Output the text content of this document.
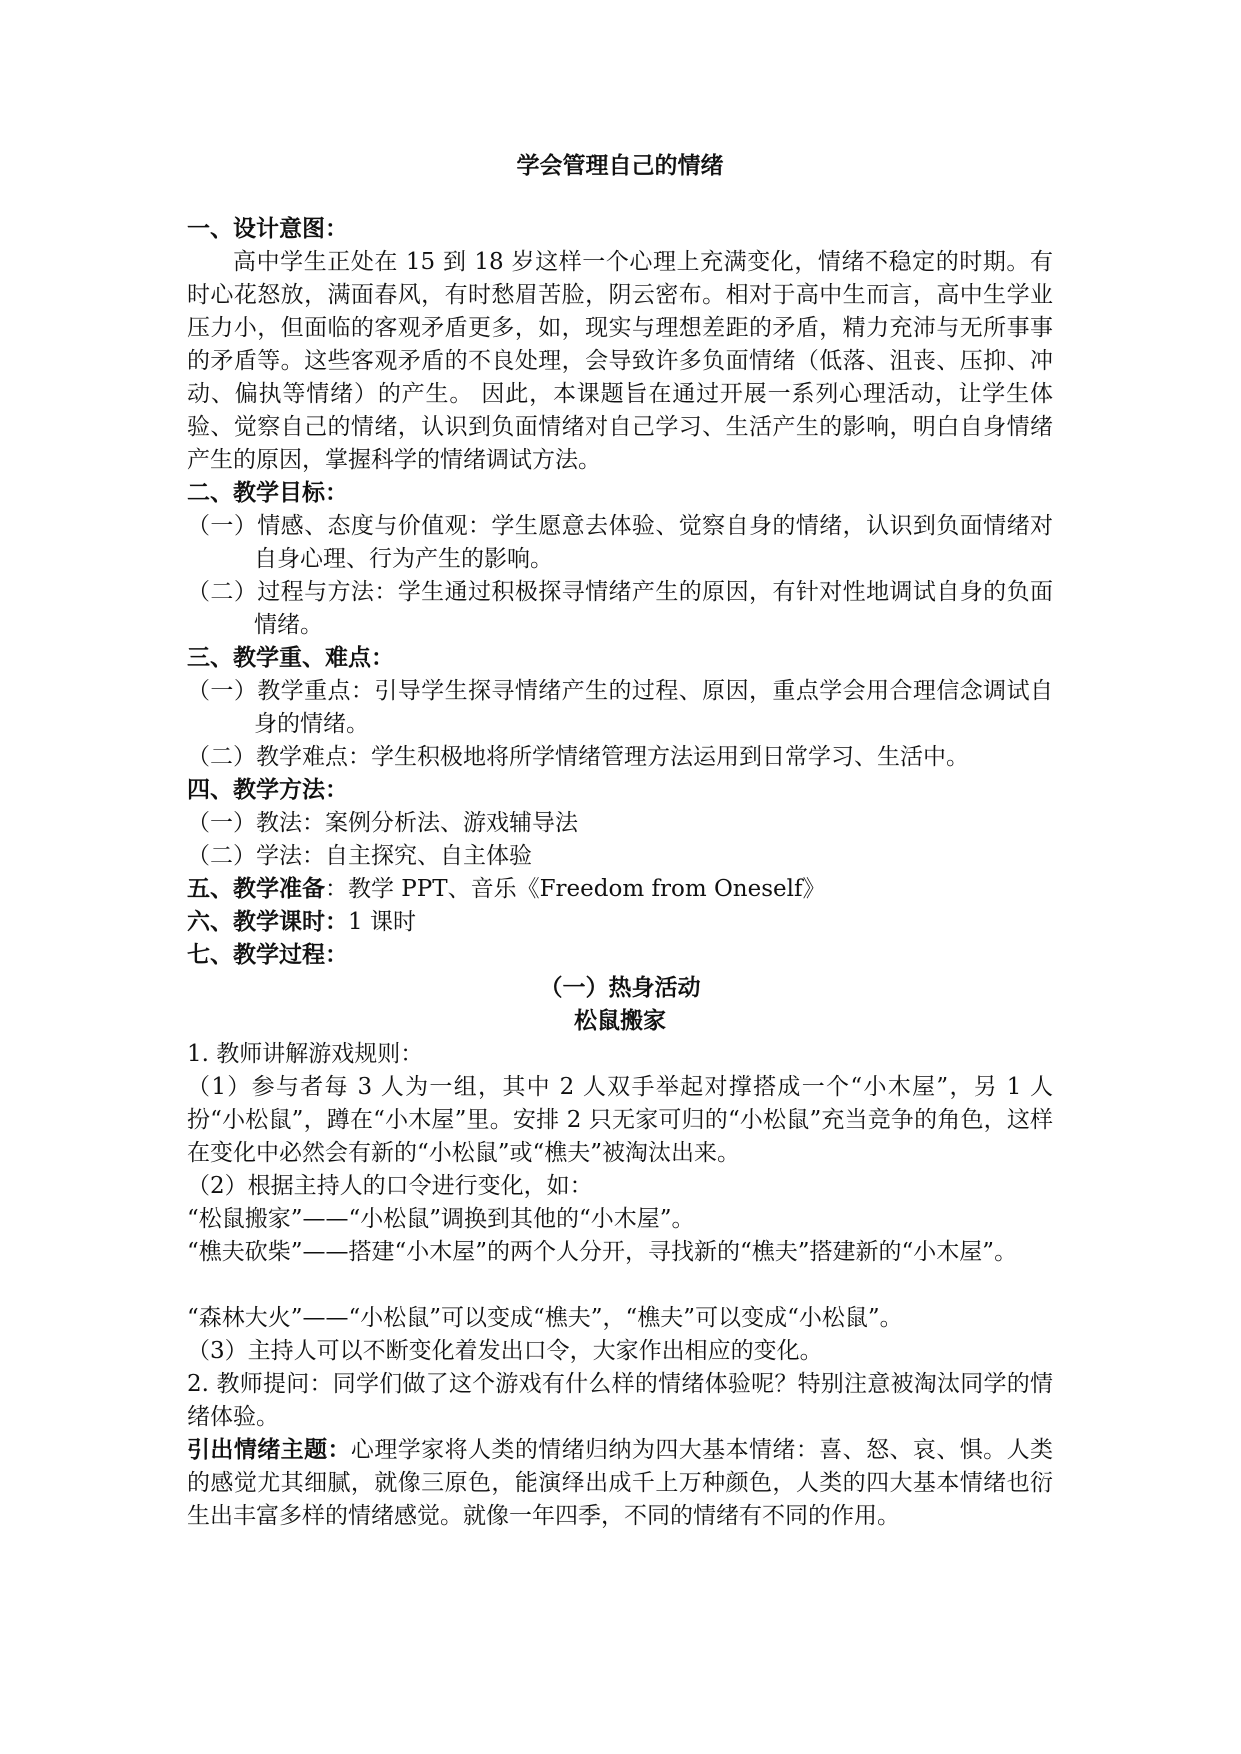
学会管理自己的情绪

一、设计意图：

高中学生正处在 15 到 18 岁这样一个心理上充满变化，情绪不稳定的时期。有时心花怒放，满面春风，有时愁眉苦脸，阴云密布。相对于高中生而言，高中生学业压力小，但面临的客观矛盾更多，如，现实与理想差距的矛盾，精力充沛与无所事事的矛盾等。这些客观矛盾的不良处理，会导致许多负面情绪（低落、沮丧、压抑、冲动、偏执等情绪）的产生。 因此，本课题旨在通过开展一系列心理活动，让学生体验、觉察自己的情绪，认识到负面情绪对自己学习、生活产生的影响，明白自身情绪产生的原因，掌握科学的情绪调试方法。

二、教学目标：

（一）情感、态度与价值观：学生愿意去体验、觉察自身的情绪，认识到负面情绪对自身心理、行为产生的影响。

（二）过程与方法：学生通过积极探寻情绪产生的原因，有针对性地调试自身的负面情绪。

三、教学重、难点：

（一）教学重点：引导学生探寻情绪产生的过程、原因，重点学会用合理信念调试自身的情绪。

（二）教学难点：学生积极地将所学情绪管理方法运用到日常学习、生活中。

四、教学方法：

（一）教法：案例分析法、游戏辅导法

（二）学法：自主探究、自主体验

五、教学准备：教学 PPT、音乐《Freedom from Oneself》

六、教学课时：1 课时

七、教学过程：

（一）热身活动

松鼠搬家

1. 教师讲解游戏规则：

（1）参与者每 3 人为一组，其中 2 人双手举起对撑搭成一个“小木屋”，另 1 人扮“小松鼠”，蹲在“小木屋”里。安排 2 只无家可归的“小松鼠”充当竞争的角色，这样在变化中必然会有新的“小松鼠”或“樵夫”被淘汰出来。

（2）根据主持人的口令进行变化，如：

“松鼠搬家”——“小松鼠”调换到其他的“小木屋”。

“樵夫砍柴”——搭建“小木屋”的两个人分开，寻找新的“樵夫”搭建新的“小木屋”。

“森林大火”——“小松鼠”可以变成“樵夫”，“樵夫”可以变成“小松鼠”。

（3）主持人可以不断变化着发出口令，大家作出相应的变化。

2. 教师提问：同学们做了这个游戏有什么样的情绪体验呢？特别注意被淘汰同学的情绪体验。

引出情绪主题：心理学家将人类的情绪归纳为四大基本情绪：喜、怒、哀、惧。人类的感觉尤其细腻，就像三原色，能演绎出成千上万种颜色，人类的四大基本情绪也衍生出丰富多样的情绪感觉。就像一年四季，不同的情绪有不同的作用。
